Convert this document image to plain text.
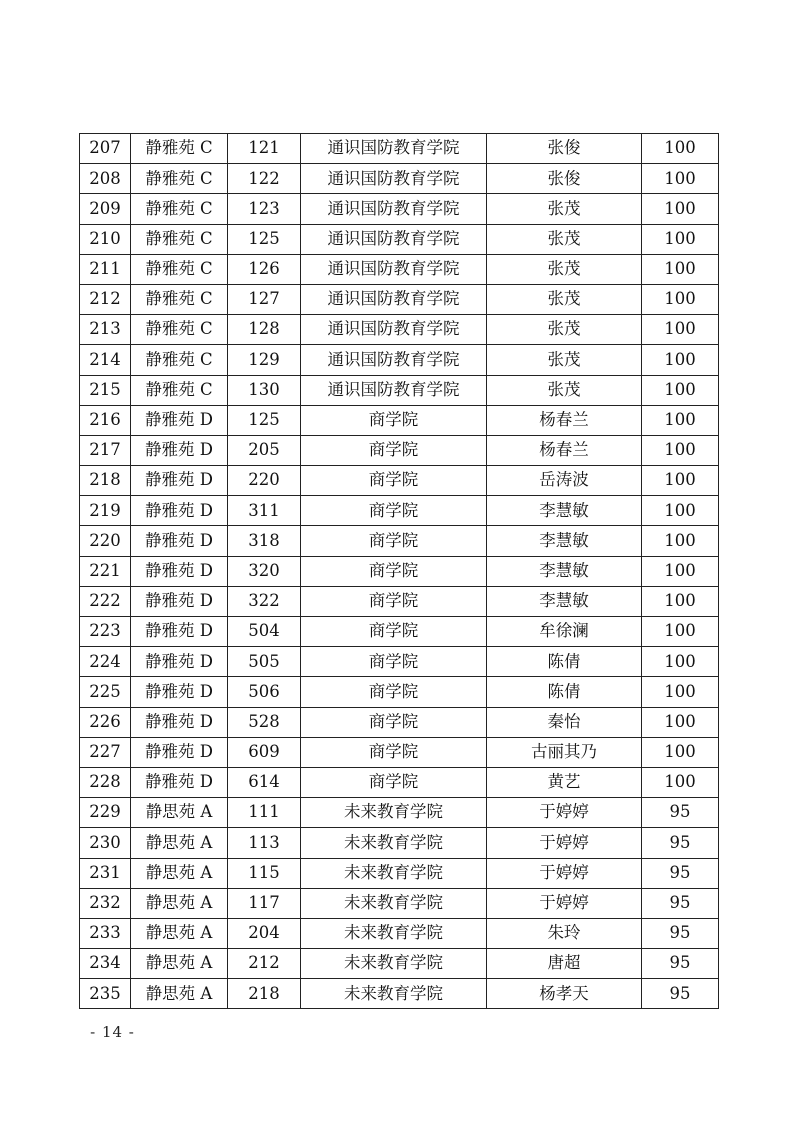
207	静雅苑 C	121	通识国防教育学院	张俊	100
208	静雅苑 C	122	通识国防教育学院	张俊	100
209	静雅苑 C	123	通识国防教育学院	张茂	100
210	静雅苑 C	125	通识国防教育学院	张茂	100
211	静雅苑 C	126	通识国防教育学院	张茂	100
212	静雅苑 C	127	通识国防教育学院	张茂	100
213	静雅苑 C	128	通识国防教育学院	张茂	100
214	静雅苑 C	129	通识国防教育学院	张茂	100
215	静雅苑 C	130	通识国防教育学院	张茂	100
216	静雅苑 D	125	商学院	杨春兰	100
217	静雅苑 D	205	商学院	杨春兰	100
218	静雅苑 D	220	商学院	岳涛波	100
219	静雅苑 D	311	商学院	李慧敏	100
220	静雅苑 D	318	商学院	李慧敏	100
221	静雅苑 D	320	商学院	李慧敏	100
222	静雅苑 D	322	商学院	李慧敏	100
223	静雅苑 D	504	商学院	牟徐澜	100
224	静雅苑 D	505	商学院	陈倩	100
225	静雅苑 D	506	商学院	陈倩	100
226	静雅苑 D	528	商学院	秦怡	100
227	静雅苑 D	609	商学院	古丽其乃	100
228	静雅苑 D	614	商学院	黄艺	100
229	静思苑 A	111	未来教育学院	于婷婷	95
230	静思苑 A	113	未来教育学院	于婷婷	95
231	静思苑 A	115	未来教育学院	于婷婷	95
232	静思苑 A	117	未来教育学院	于婷婷	95
233	静思苑 A	204	未来教育学院	朱玲	95
234	静思苑 A	212	未来教育学院	唐超	95
235	静思苑 A	218	未来教育学院	杨孝天	95
- 14 -
